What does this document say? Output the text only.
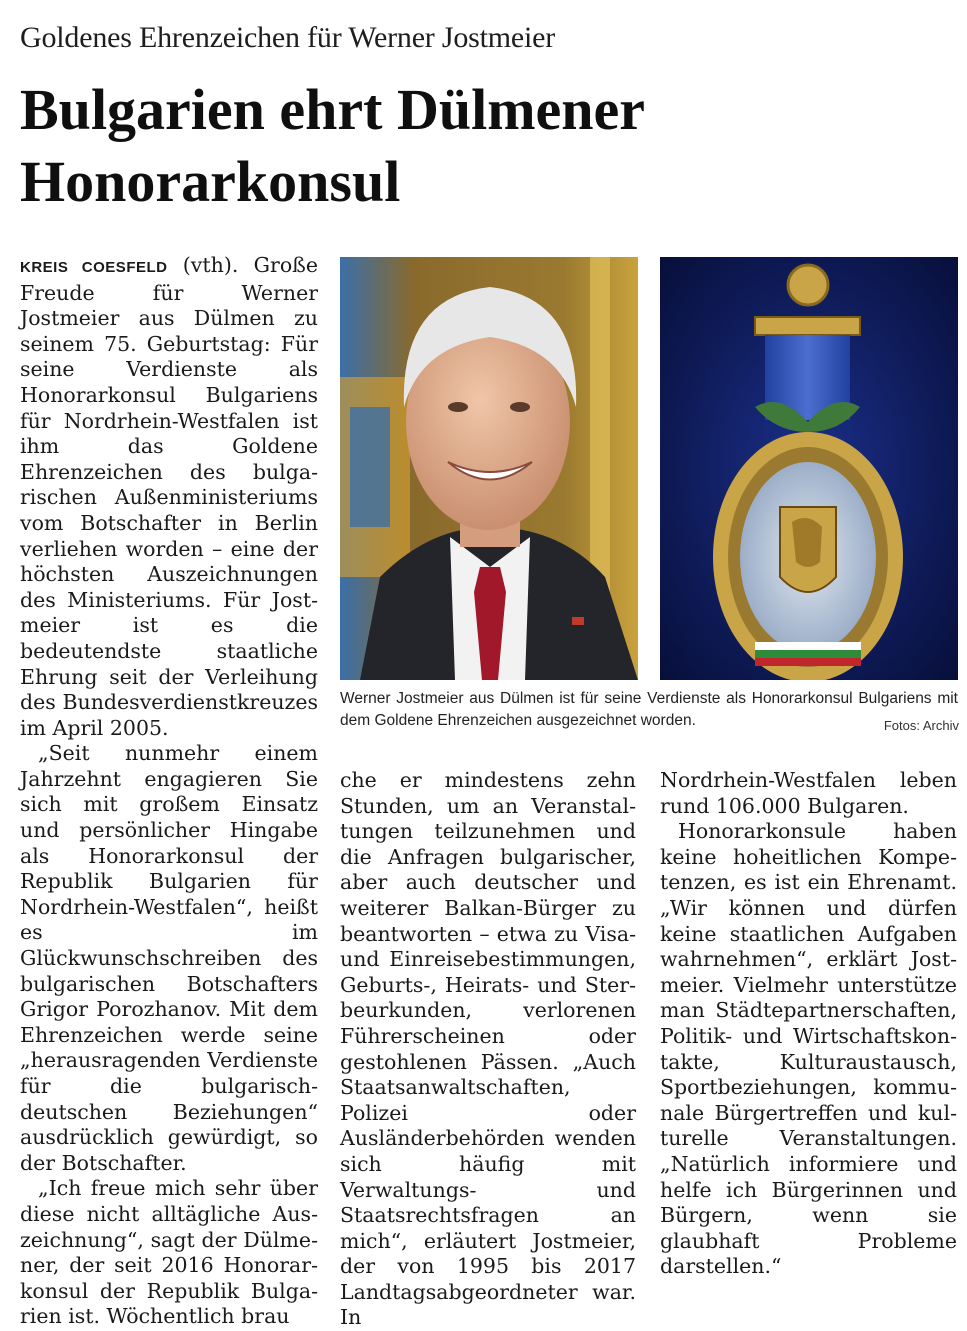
Goldenes Ehrenzeichen für Werner Jostmeier
Bulgarien ehrt Dülmener
Honorarkonsul

KREIS COESFELD (vth). Große Freude für Werner Jostmeier aus Dülmen zu seinem 75. Geburtstag: Für seine Verdienste als Honorarkonsul Bulgariens für Nordrhein-Westfalen ist ihm das Goldene Ehrenzeichen des bulgarischen Außenministeriums vom Botschafter in Berlin verliehen worden – eine der höchsten Auszeichnungen des Ministeriums. Für Jostmeier ist es die bedeutendste staatliche Ehrung seit der Verleihung des Bundesverdienstkreuzes im April 2005.

„Seit nunmehr einem Jahrzehnt engagieren Sie sich mit großem Einsatz und persönlicher Hingabe als Honorarkonsul der Republik Bulgarien für Nordrhein-Westfalen“, heißt es im Glückwunschschreiben des bulgarischen Botschafters Grigor Porozhanov. Mit dem Ehrenzeichen werde seine „herausragenden Verdienste für die bulgarisch-deutschen Beziehungen“ ausdrücklich gewürdigt, so der Botschafter.

„Ich freue mich sehr über diese nicht alltägliche Auszeichnung“, sagt der Dülmener, der seit 2016 Honorarkonsul der Republik Bulgarien ist. Wöchentlich brau

Werner Jostmeier aus Dülmen ist für seine Verdienste als Honorarkonsul Bulgariens mit dem Goldene Ehrenzeichen ausgezeichnet worden.	Fotos: Archiv

che er mindestens zehn Stunden, um an Veranstaltungen teilzunehmen und die Anfragen bulgarischer, aber auch deutscher und weiterer Balkan-Bürger zu beantworten – etwa zu Visa- und Einreisebestimmungen, Geburts-, Heirats- und Sterbeurkunden, verlorenen Führerscheinen oder gestohlenen Pässen. „Auch Staatsanwaltschaften, Polizei oder Ausländerbehörden wenden sich häufig mit Verwaltungs- und Staatsrechtsfragen an mich“, erläutert Jostmeier, der von 1995 bis 2017 Landtagsabgeordneter war. In

Nordrhein-Westfalen leben rund 106.000 Bulgaren.

Honorarkonsule haben keine hoheitlichen Kompetenzen, es ist ein Ehrenamt. „Wir können und dürfen keine staatlichen Aufgaben wahrnehmen“, erklärt Jostmeier. Vielmehr unterstütze man Städtepartnerschaften, Politik- und Wirtschaftskontakte, Kulturaustausch, Sportbeziehungen, kommunale Bürgertreffen und kulturelle Veranstaltungen. „Natürlich informiere und helfe ich Bürgerinnen und Bürgern, wenn sie glaubhaft Probleme darstellen.“
